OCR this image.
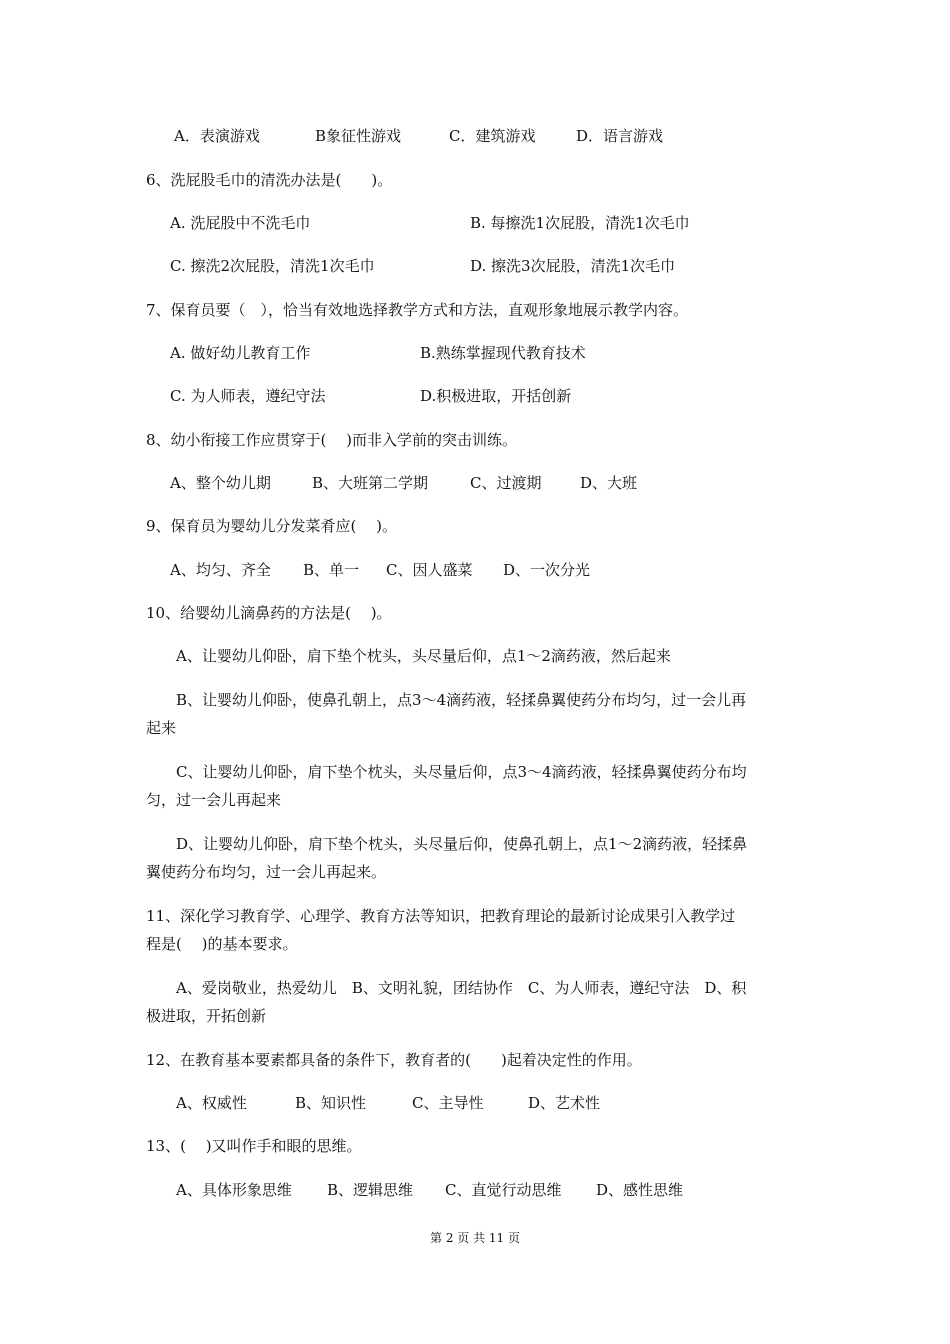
A．表演游戏	B象征性游戏	C．建筑游戏	D．语言游戏
6、洗屁股毛巾的清洗办法是(　　)。
A. 洗屁股中不洗毛巾	B. 每擦洗1次屁股，清洗1次毛巾
C. 擦洗2次屁股，清洗1次毛巾	D. 擦洗3次屁股，清洗1次毛巾
7、保育员要（　），恰当有效地选择教学方式和方法，直观形象地展示教学内容。
A. 做好幼儿教育工作	B.熟练掌握现代教育技术
C. 为人师表，遵纪守法	D.积极进取，开括创新
8、幼小衔接工作应贯穿于(　 )而非入学前的突击训练。
A、整个幼儿期	B、大班第二学期	C、过渡期	D、大班
9、保育员为婴幼儿分发菜肴应(　 )。
A、均匀、齐全 B、单一 C、因人盛菜 D、一次分光
10、给婴幼儿滴鼻药的方法是(　 )。
A、让婴幼儿仰卧，肩下垫个枕头，头尽量后仰，点1～2滴药液，然后起来
B、让婴幼儿仰卧，使鼻孔朝上，点3～4滴药液，轻揉鼻翼使药分布均匀，过一会儿再
起来
C、让婴幼儿仰卧，肩下垫个枕头，头尽量后仰，点3～4滴药液，轻揉鼻翼使药分布均
匀，过一会儿再起来
D、让婴幼儿仰卧，肩下垫个枕头，头尽量后仰，使鼻孔朝上，点1～2滴药液，轻揉鼻
翼使药分布均匀，过一会儿再起来。
11、深化学习教育学、心理学、教育方法等知识，把教育理论的最新讨论成果引入教学过
程是(　 )的基本要求。
A、爱岗敬业，热爱幼儿　B、文明礼貌，团结协作　C、为人师表，遵纪守法　D、积
极进取，开拓创新
12、在教育基本要素都具备的条件下，教育者的(　　)起着决定性的作用。
A、权威性	B、知识性	C、主导性	D、艺术性
13、(　 )又叫作手和眼的思维。
A、具体形象思维 B、逻辑思维 C、直觉行动思维 D、感性思维
第 2 页 共 11 页
